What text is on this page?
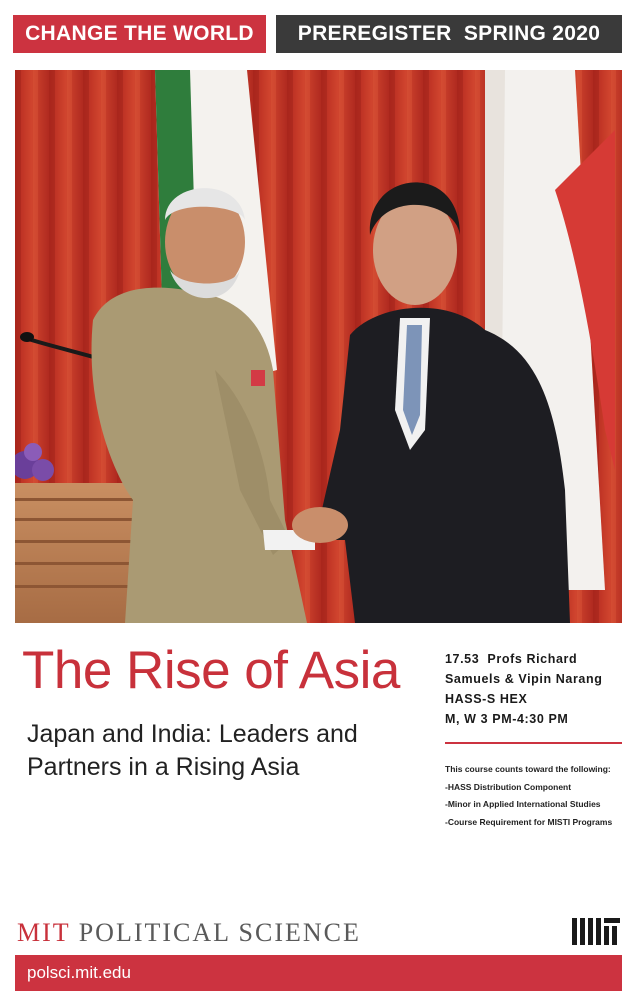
CHANGE THE WORLD PREREGISTER  SPRING 2020
The Rise of Asia
Japan and India: Leaders and Partners in a Rising Asia
17.53  Profs Richard
Samuels & Vipin Narang
HASS-S HEX
M, W 3 PM-4:30 PM
This course counts toward the following:
-HASS Distribution Component
-Minor in Applied International Studies
-Course Requirement for MISTI Programs
MIT POLITICAL SCIENCE
polsci.mit.edu
